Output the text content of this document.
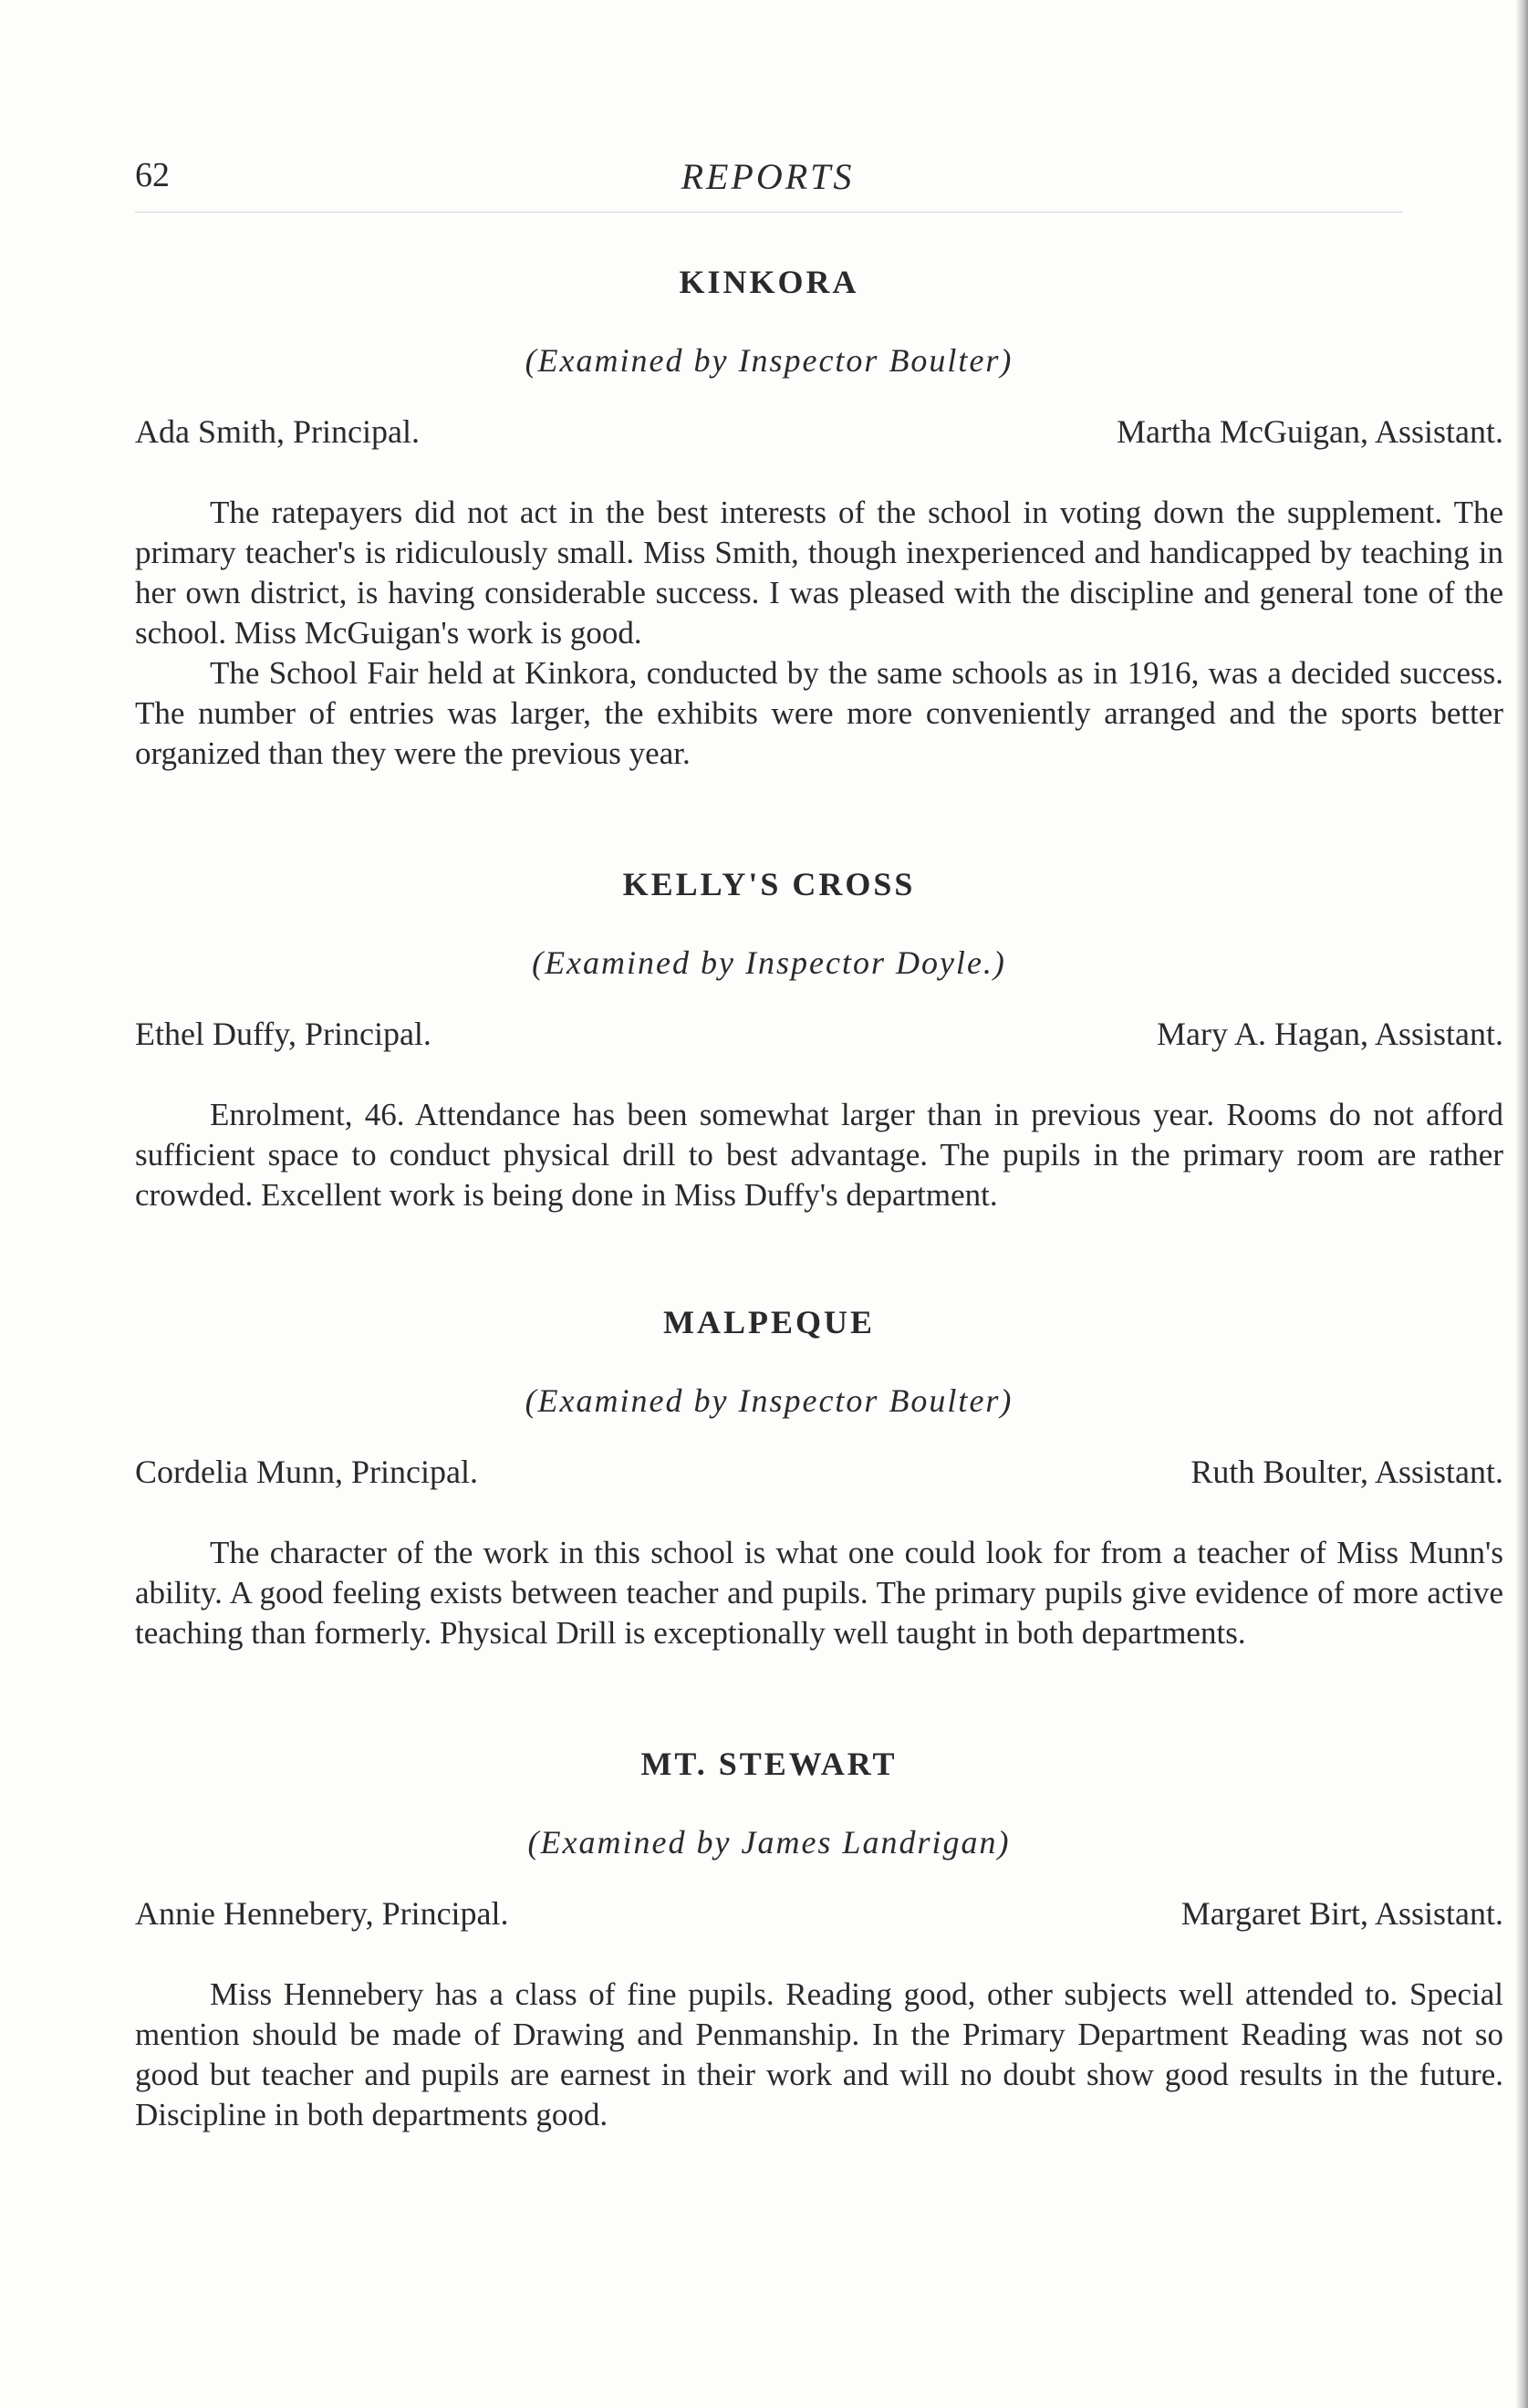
62	REPORTS
KINKORA
(Examined by Inspector Boulter)
Ada Smith, Principal.	Martha McGuigan, Assistant.

The ratepayers did not act in the best interests of the school in voting down the supplement. The primary teacher's is ridiculously small. Miss Smith, though inexperienced and handicapped by teaching in her own district, is having considerable success. I was pleased with the discipline and general tone of the school. Miss McGuigan's work is good.

The School Fair held at Kinkora, conducted by the same schools as in 1916, was a decided success. The number of entries was larger, the exhibits were more conveniently arranged and the sports better organized than they were the previous year.

KELLY'S CROSS
(Examined by Inspector Doyle.)
Ethel Duffy, Principal.	Mary A. Hagan, Assistant.

Enrolment, 46. Attendance has been somewhat larger than in previous year. Rooms do not afford sufficient space to conduct physical drill to best advantage. The pupils in the primary room are rather crowded. Excellent work is being done in Miss Duffy's department.

MALPEQUE
(Examined by Inspector Boulter)
Cordelia Munn, Principal.	Ruth Boulter, Assistant.

The character of the work in this school is what one could look for from a teacher of Miss Munn's ability. A good feeling exists between teacher and pupils. The primary pupils give evidence of more active teaching than formerly. Physical Drill is exceptionally well taught in both departments.

MT. STEWART
(Examined by James Landrigan)
Annie Hennebery, Principal.	Margaret Birt, Assistant.

Miss Hennebery has a class of fine pupils. Reading good, other subjects well attended to. Special mention should be made of Drawing and Penmanship. In the Primary Department Reading was not so good but teacher and pupils are earnest in their work and will no doubt show good results in the future. Discipline in both departments good.
